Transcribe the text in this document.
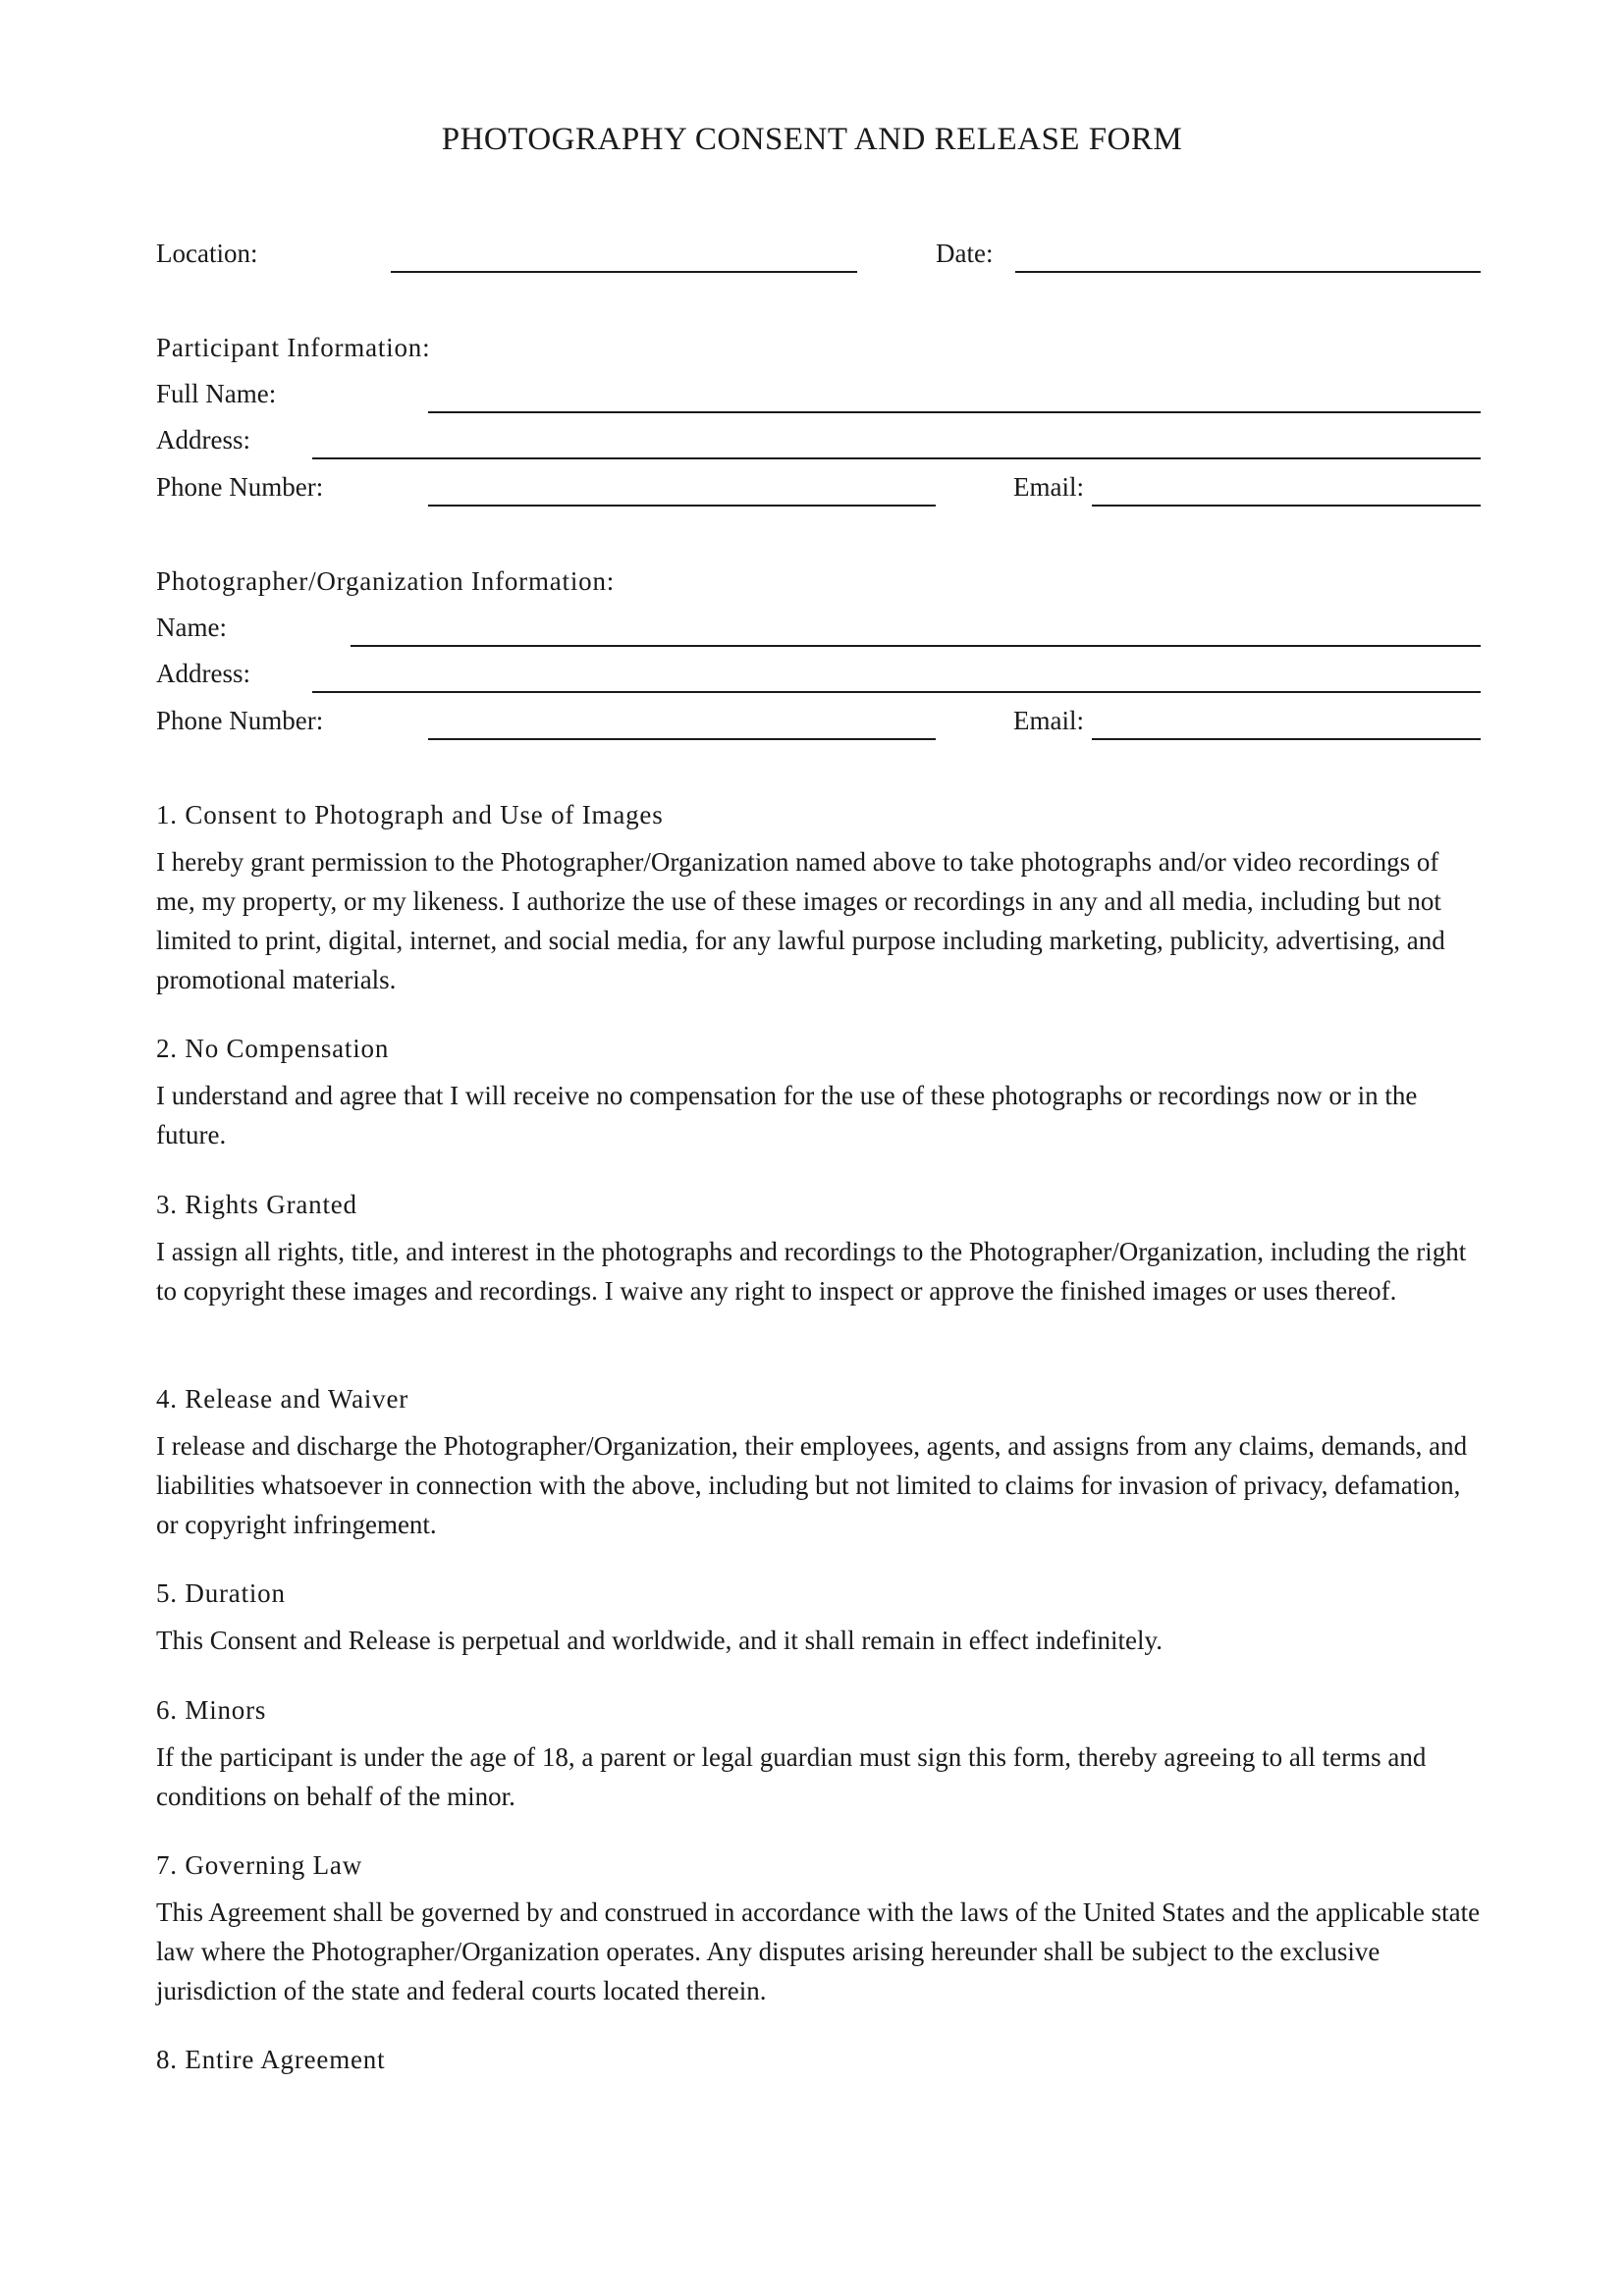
PHOTOGRAPHY CONSENT AND RELEASE FORM
Location:	Date:
Participant Information:
Full Name:
Address:
Phone Number:	Email:
Photographer/Organization Information:
Name:
Address:
Phone Number:	Email:
1. Consent to Photograph and Use of Images
I hereby grant permission to the Photographer/Organization named above to take photographs and/or video recordings of me, my property, or my likeness. I authorize the use of these images or recordings in any and all media, including but not limited to print, digital, internet, and social media, for any lawful purpose including marketing, publicity, advertising, and promotional materials.
2. No Compensation
I understand and agree that I will receive no compensation for the use of these photographs or recordings now or in the future.
3. Rights Granted
I assign all rights, title, and interest in the photographs and recordings to the Photographer/Organization, including the right to copyright these images and recordings. I waive any right to inspect or approve the finished images or uses thereof.
4. Release and Waiver
I release and discharge the Photographer/Organization, their employees, agents, and assigns from any claims, demands, and liabilities whatsoever in connection with the above, including but not limited to claims for invasion of privacy, defamation, or copyright infringement.
5. Duration
This Consent and Release is perpetual and worldwide, and it shall remain in effect indefinitely.
6. Minors
If the participant is under the age of 18, a parent or legal guardian must sign this form, thereby agreeing to all terms and conditions on behalf of the minor.
7. Governing Law
This Agreement shall be governed by and construed in accordance with the laws of the United States and the applicable state law where the Photographer/Organization operates. Any disputes arising hereunder shall be subject to the exclusive jurisdiction of the state and federal courts located therein.
8. Entire Agreement
